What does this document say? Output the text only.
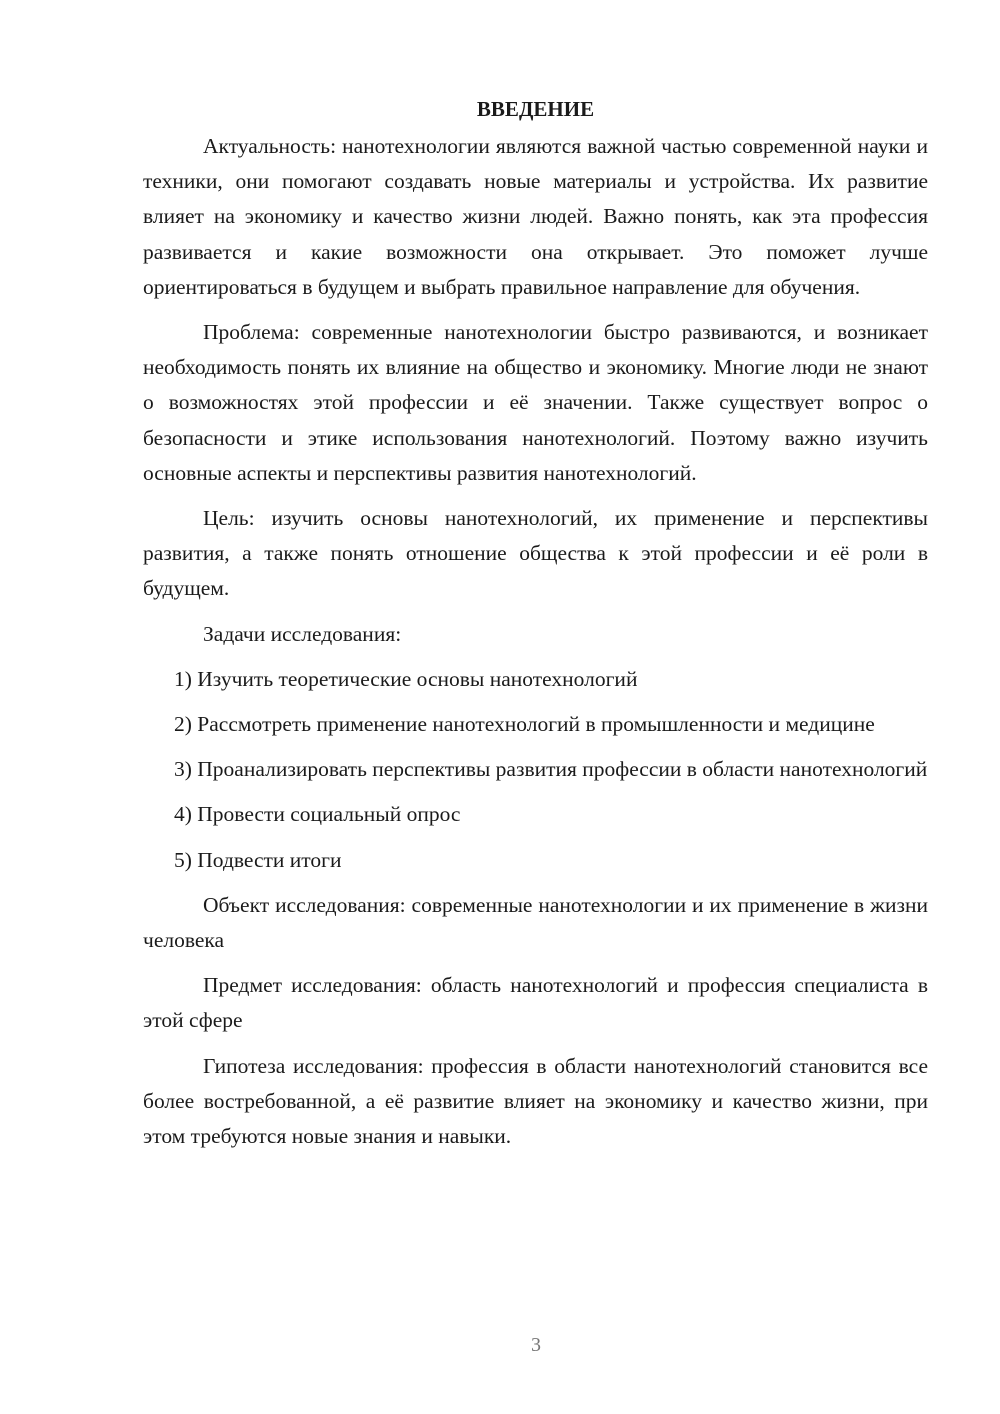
ВВЕДЕНИЕ

Актуальность: нанотехнологии являются важной частью современной науки и техники, они помогают создавать новые материалы и устройства. Их развитие влияет на экономику и качество жизни людей. Важно понять, как эта профессия развивается и какие возможности она открывает. Это поможет лучше ориентироваться в будущем и выбрать правильное направление для обучения.

Проблема: современные нанотехнологии быстро развиваются, и возникает необходимость понять их влияние на общество и экономику. Многие люди не знают о возможностях этой профессии и её значении. Также существует вопрос о безопасности и этике использования нанотехнологий. Поэтому важно изучить основные аспекты и перспективы развития нанотехнологий.

Цель: изучить основы нанотехнологий, их применение и перспективы развития, а также понять отношение общества к этой профессии и её роли в будущем.

Задачи исследования:

1) Изучить теоретические основы нанотехнологий
2) Рассмотреть применение нанотехнологий в промышленности и медицине
3) Проанализировать перспективы развития профессии в области нанотехнологий
4) Провести социальный опрос
5) Подвести итоги

Объект исследования: современные нанотехнологии и их применение в жизни человека

Предмет исследования: область нанотехнологий и профессия специалиста в этой сфере

Гипотеза исследования: профессия в области нанотехнологий становится все более востребованной, а её развитие влияет на экономику и качество жизни, при этом требуются новые знания и навыки.

3
